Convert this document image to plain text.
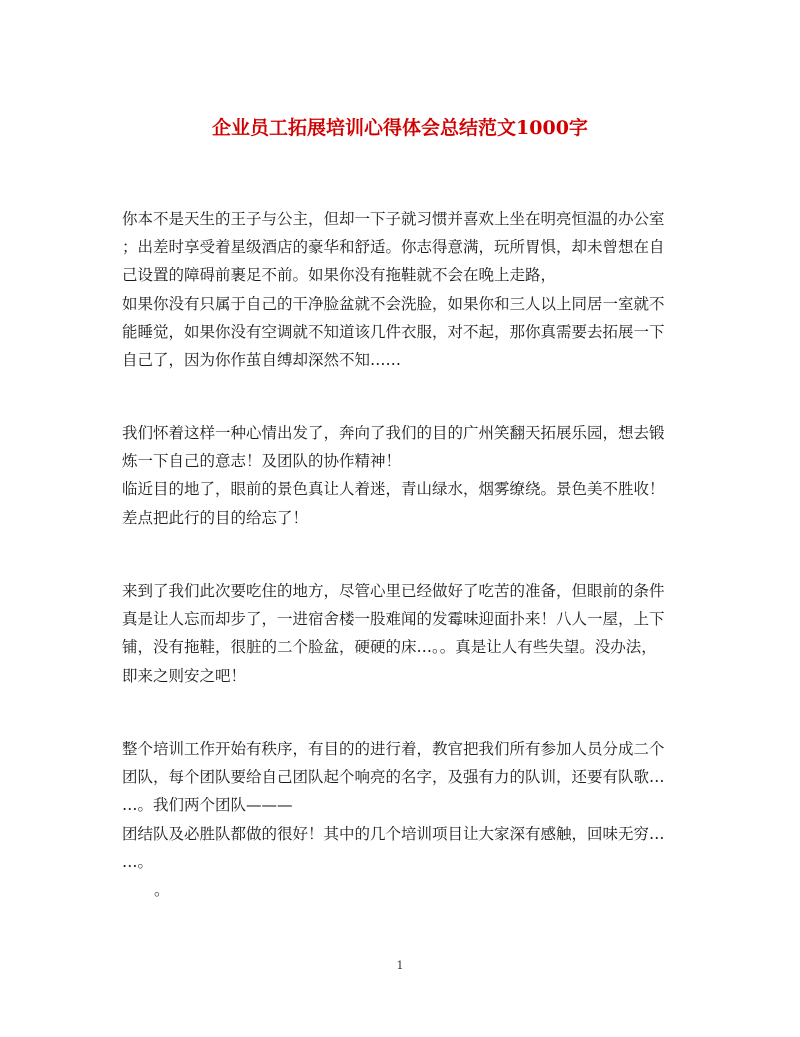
企业员工拓展培训心得体会总结范文1000字
你本不是天生的王子与公主，但却一下子就习惯并喜欢上坐在明亮恒温的办公室
；出差时享受着星级酒店的豪华和舒适。你志得意满，玩所胃惧，却未曾想在自
己设置的障碍前裹足不前。如果你没有拖鞋就不会在晚上走路，
如果你没有只属于自己的干净脸盆就不会洗脸，如果你和三人以上同居一室就不
能睡觉，如果你没有空调就不知道该几件衣服，对不起，那你真需要去拓展一下
自己了，因为你作茧自缚却深然不知……
我们怀着这样一种心情出发了，奔向了我们的目的广州笑翻天拓展乐园，想去锻
炼一下自己的意志！及团队的协作精神！
临近目的地了，眼前的景色真让人着迷，青山绿水，烟雾缭绕。景色美不胜收！
差点把此行的目的给忘了！
来到了我们此次要吃住的地方，尽管心里已经做好了吃苦的准备，但眼前的条件
真是让人忘而却步了，一进宿舍楼一股难闻的发霉味迎面扑来！八人一屋，上下
铺，没有拖鞋，很脏的二个脸盆，硬硬的床…。。真是让人有些失望。没办法，
即来之则安之吧！
整个培训工作开始有秩序，有目的的进行着，教官把我们所有参加人员分成二个
团队，每个团队要给自己团队起个响亮的名字，及强有力的队训，还要有队歌…
…。我们两个团队———
团结队及必胜队都做的很好！其中的几个培训项目让大家深有感触，回味无穷…
…。
。
1
